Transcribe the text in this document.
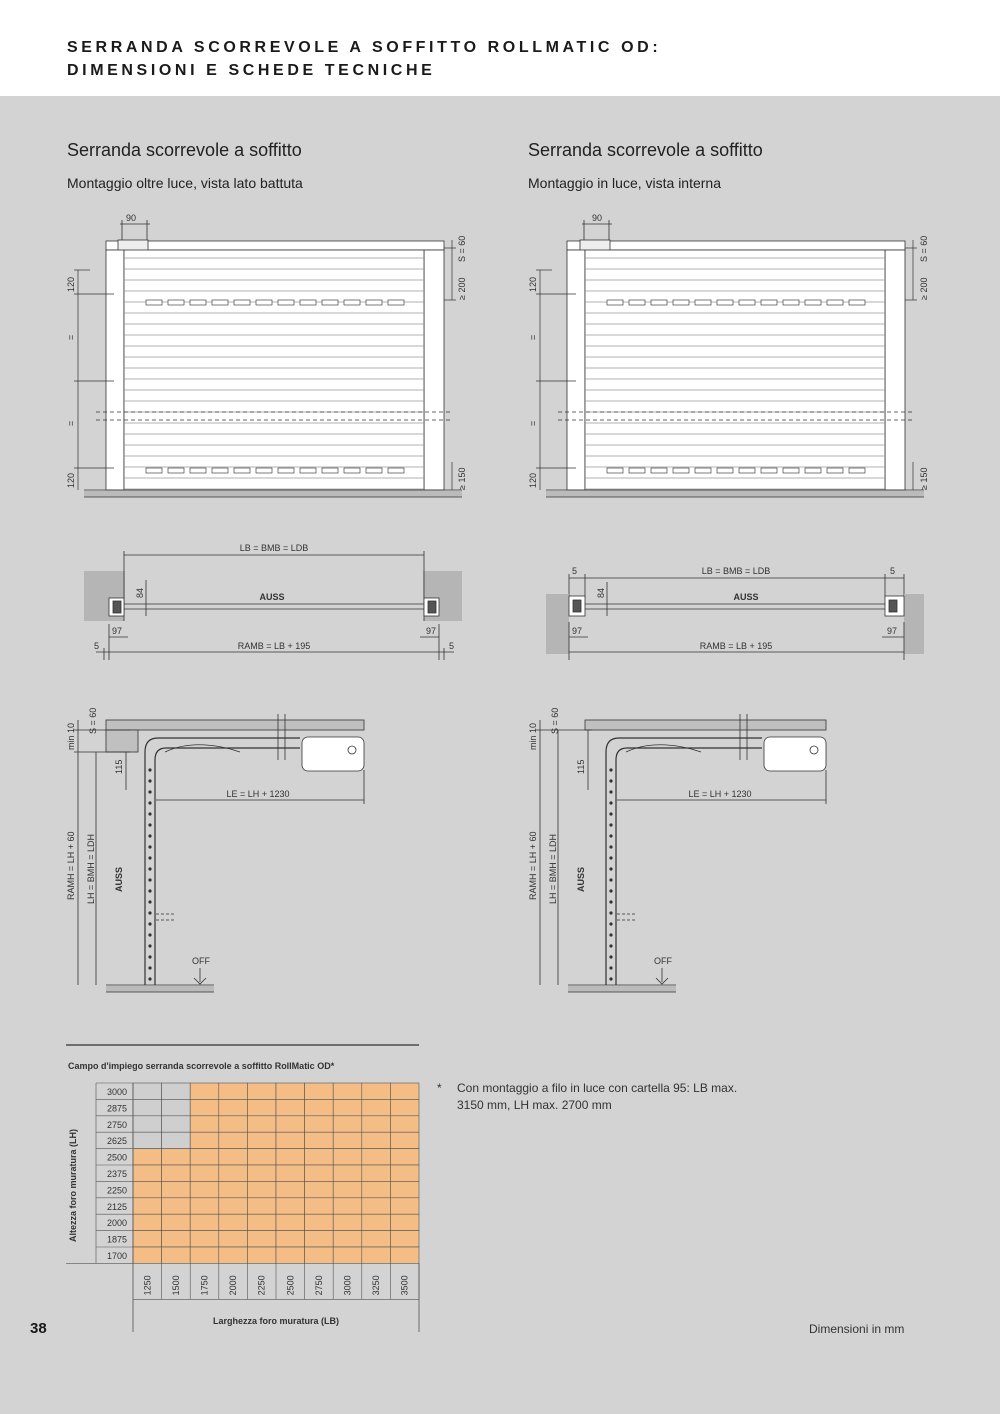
SERRANDA SCORREVOLE A SOFFITTO ROLLMATIC OD:
DIMENSIONI E SCHEDE TECNICHE
Serranda scorrevole a soffitto
Montaggio oltre luce, vista lato battuta
Serranda scorrevole a soffitto
Montaggio in luce, vista interna
90
S = 60
≥ 200
≥ 150
120
=
=
120
90
S = 60
≥ 200
≥ 150
120
=
=
120
LB = BMB = LDB
84	AUSS
97	97
5	5
RAMB = LB + 195
5	5
LB = BMB = LDB
84	AUSS
97	97
RAMB = LB + 195
min 10
S = 60
115
LE = LH + 1230
RAMH = LH + 60 LH = BMH = LDH AUSS
OFF
min 10
S = 60
115
LE = LH + 1230
RAMH = LH + 60 LH = BMH = LDH AUSS
OFF
Campo d'impiego serranda scorrevole a soffitto RollMatic OD*
3000
2875
2750
2625
2500
2375
2250
2125
2000
1875
1700
1250 1500 1750 2000 2250 2500 2750 3000 3250 3500
Altezza foro muratura (LH)
Larghezza foro muratura (LB)
* Con montaggio a filo in luce con cartella 95: LB max. 3150 mm, LH max. 2700 mm
38	Dimensioni in mm
